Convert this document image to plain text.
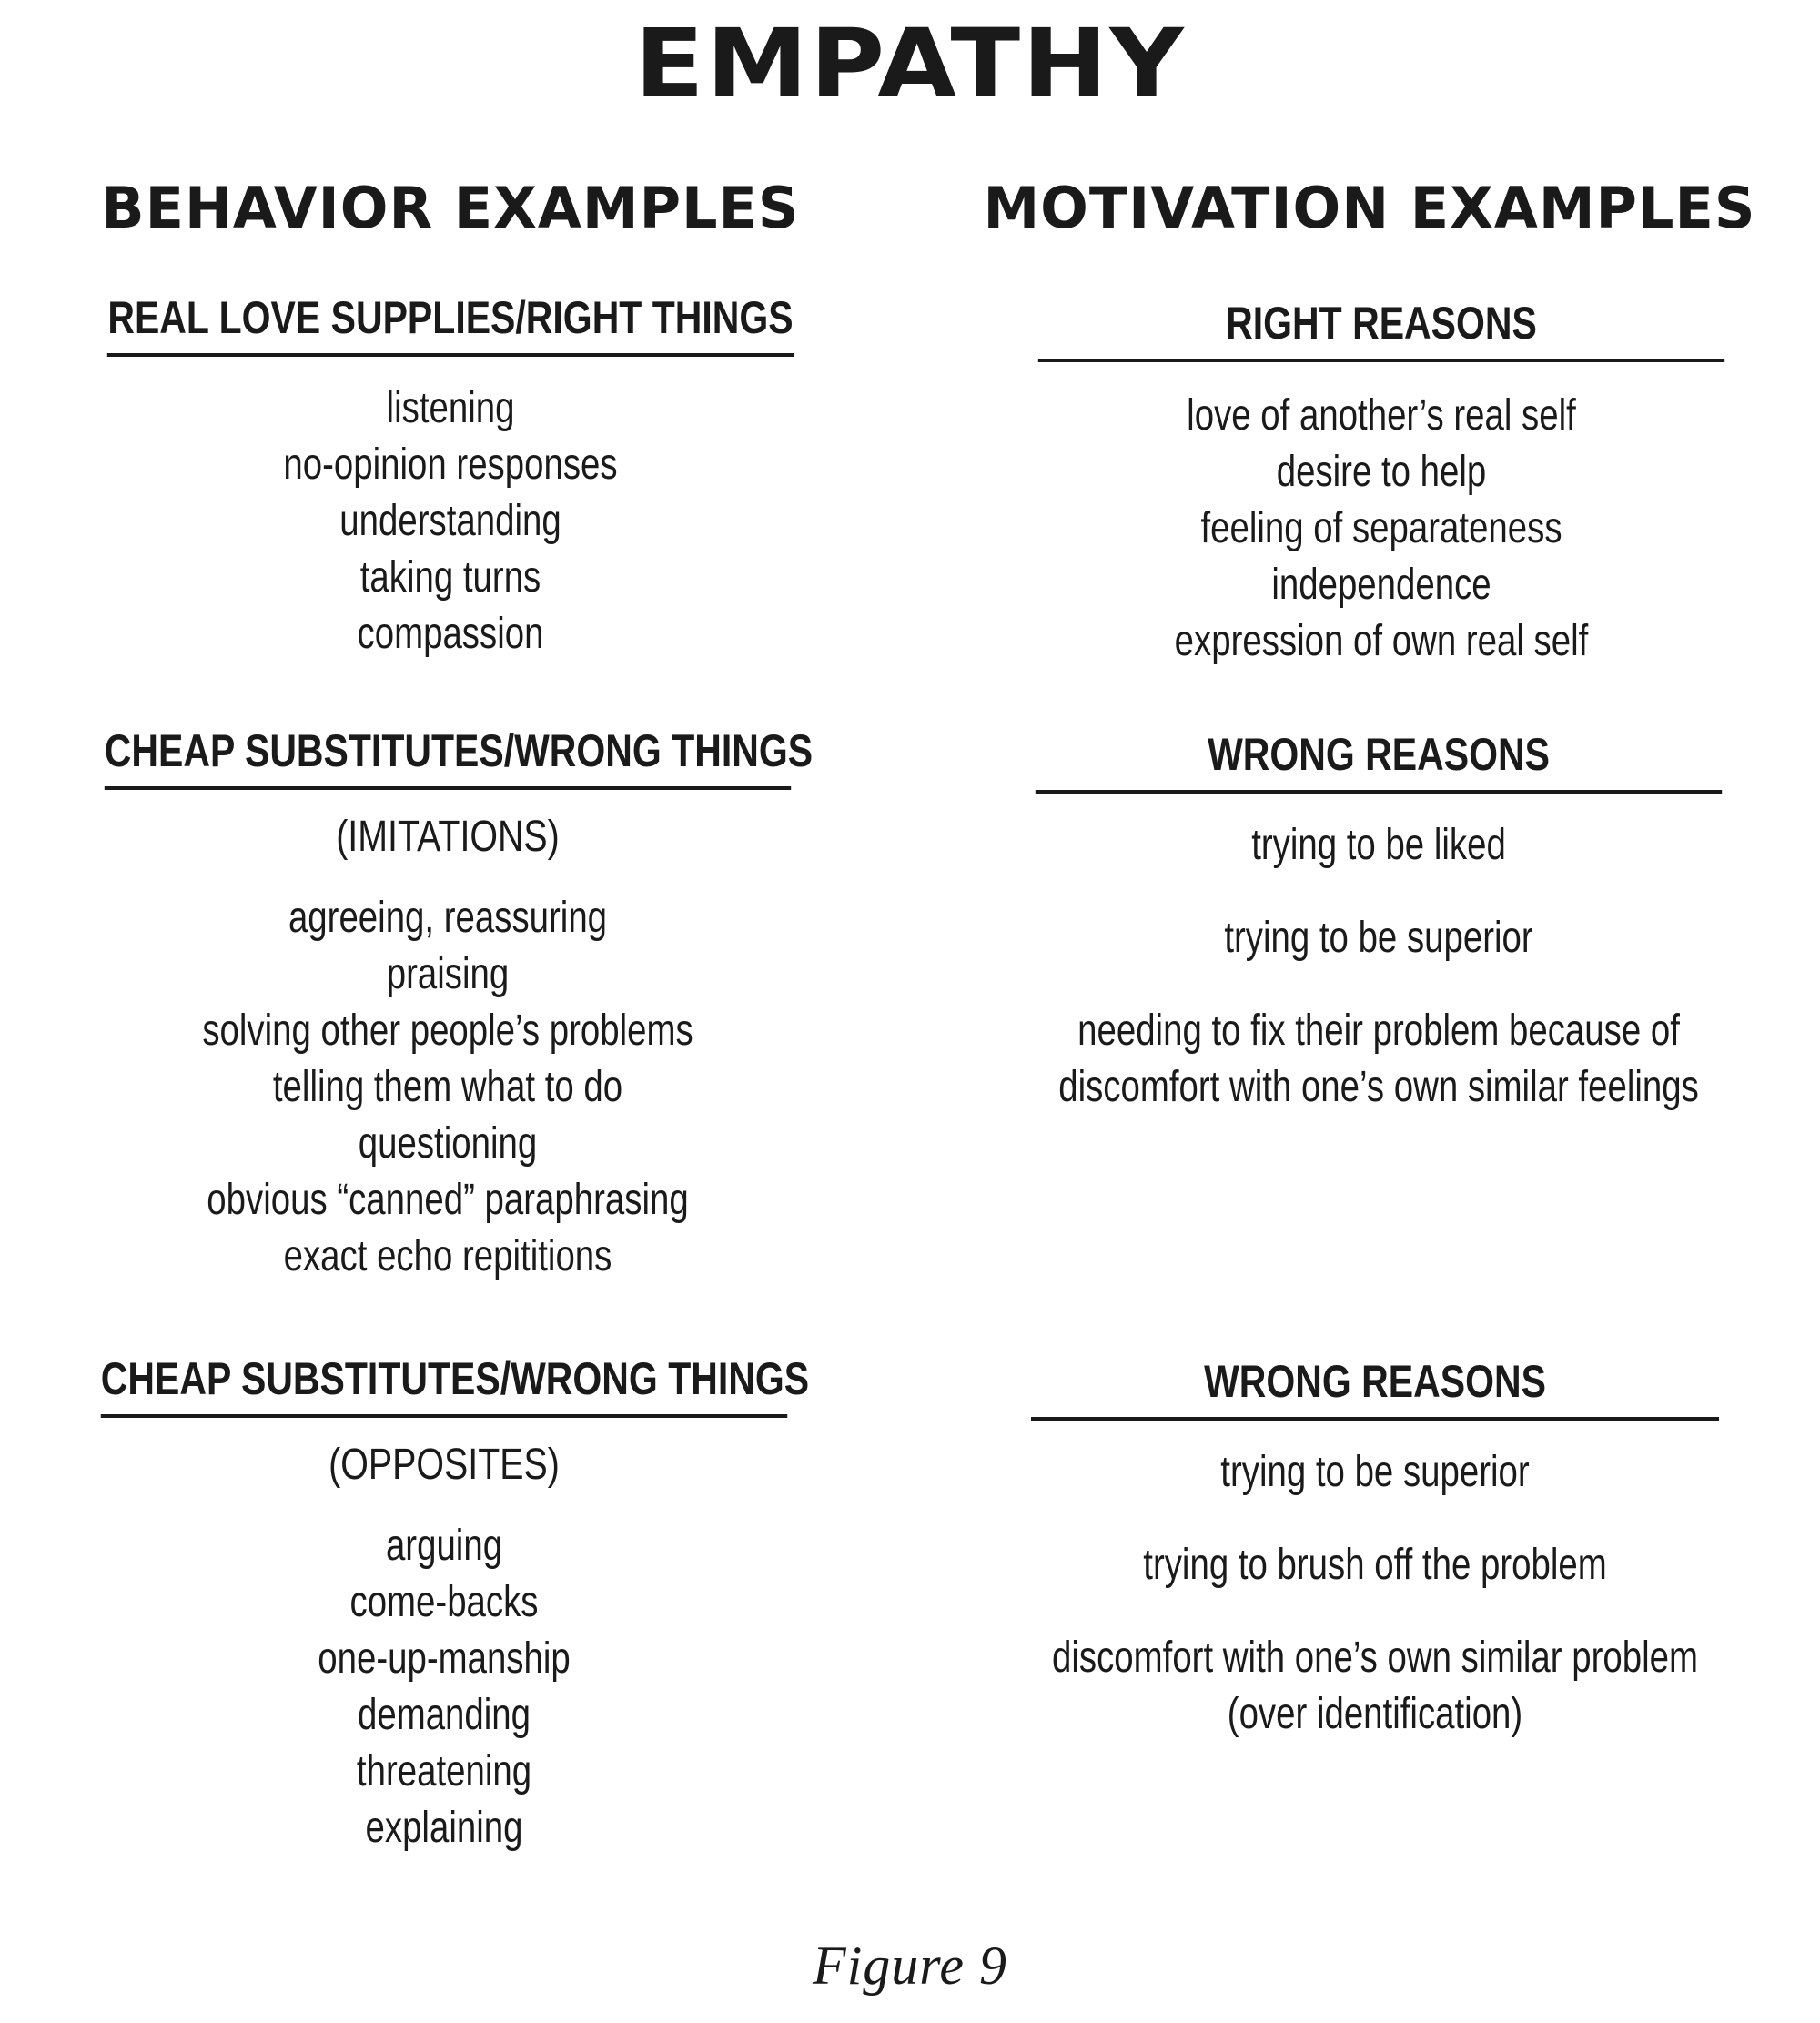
EMPATHY
BEHAVIOR EXAMPLES	MOTIVATION EXAMPLES
REAL LOVE SUPPLIES/RIGHT THINGS
listening
no-opinion responses
understanding
taking turns
compassion
CHEAP SUBSTITUTES/WRONG THINGS
(IMITATIONS)
agreeing, reassuring
praising
solving other people’s problems
telling them what to do
questioning
obvious “canned” paraphrasing
exact echo repititions
CHEAP SUBSTITUTES/WRONG THINGS
(OPPOSITES)
arguing
come-backs
one-up-manship
demanding
threatening
explaining
RIGHT REASONS
love of another’s real self
desire to help
feeling of separateness
independence
expression of own real self
WRONG REASONS
trying to be liked
trying to be superior
needing to fix their problem because of
discomfort with one’s own similar feelings
WRONG REASONS
trying to be superior
trying to brush off the problem
discomfort with one’s own similar problem
(over identification)
Figure 9
